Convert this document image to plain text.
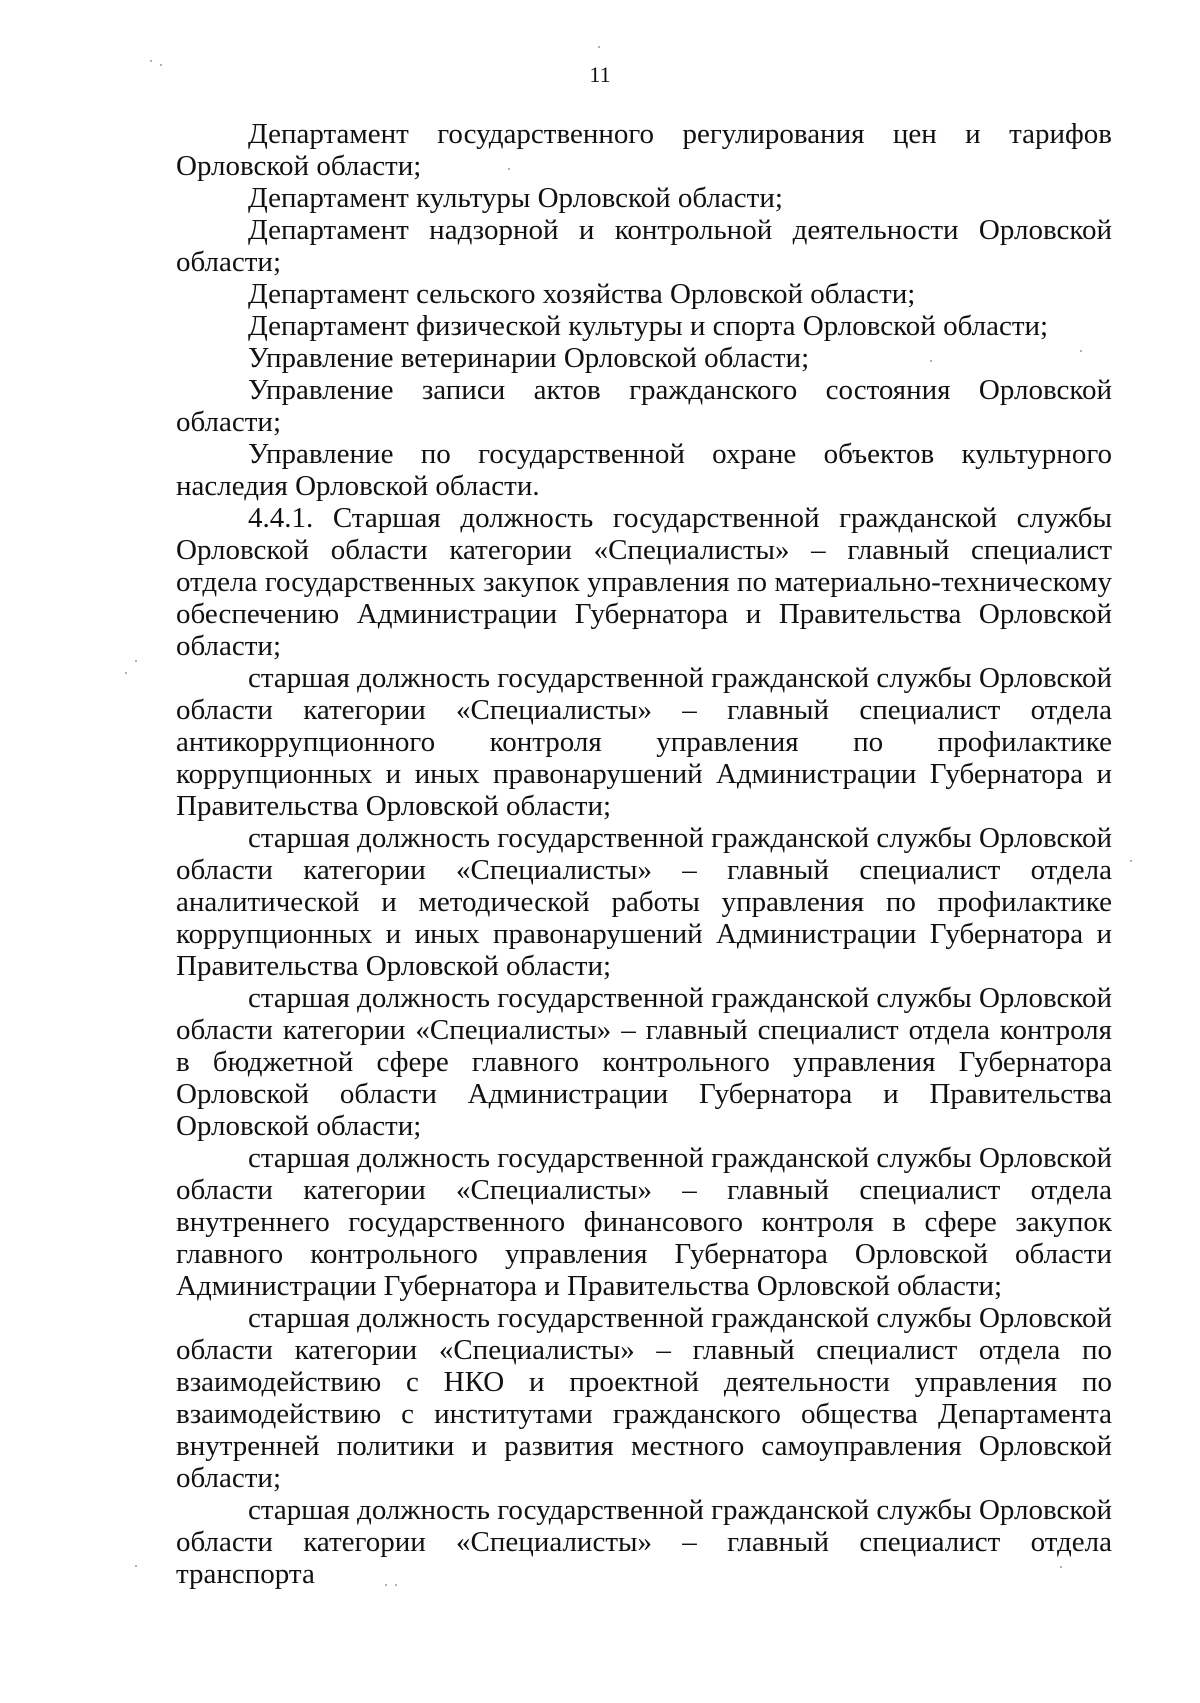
11

Департамент государственного регулирования цен и тарифов Орловской области;

Департамент культуры Орловской области;

Департамент надзорной и контрольной деятельности Орловской области;

Департамент сельского хозяйства Орловской области;

Департамент физической культуры и спорта Орловской области;

Управление ветеринарии Орловской области;

Управление записи актов гражданского состояния Орловской области;

Управление по государственной охране объектов культурного наследия Орловской области.

4.4.1. Старшая должность государственной гражданской службы Орловской области категории «Специалисты» – главный специалист отдела государственных закупок управления по материально-техническому обеспечению Администрации Губернатора и Правительства Орловской области;

старшая должность государственной гражданской службы Орловской области категории «Специалисты» – главный специалист отдела антикоррупционного контроля управления по профилактике коррупционных и иных правонарушений Администрации Губернатора и Правительства Орловской области;

старшая должность государственной гражданской службы Орловской области категории «Специалисты» – главный специалист отдела аналитической и методической работы управления по профилактике коррупционных и иных правонарушений Администрации Губернатора и Правительства Орловской области;

старшая должность государственной гражданской службы Орловской области категории «Специалисты» – главный специалист отдела контроля в бюджетной сфере главного контрольного управления Губернатора Орловской области Администрации Губернатора и Правительства Орловской области;

старшая должность государственной гражданской службы Орловской области категории «Специалисты» – главный специалист отдела внутреннего государственного финансового контроля в сфере закупок главного контрольного управления Губернатора Орловской области Администрации Губернатора и Правительства Орловской области;

старшая должность государственной гражданской службы Орловской области категории «Специалисты» – главный специалист отдела по взаимодействию с НКО и проектной деятельности управления по взаимодействию с институтами гражданского общества Департамента внутренней политики и развития местного самоуправления Орловской области;

старшая должность государственной гражданской службы Орловской области категории «Специалисты» – главный специалист отдела транспорта
